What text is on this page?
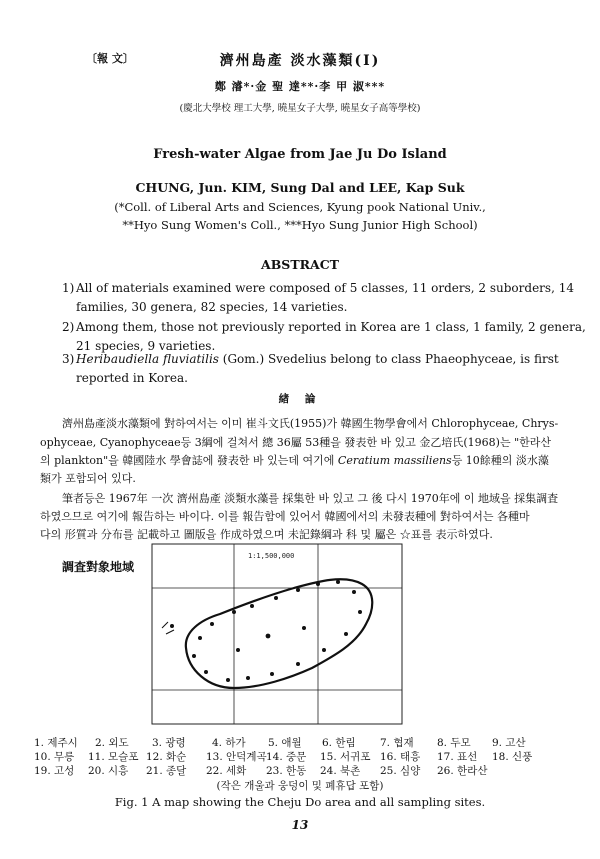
〔報 文〕	濟州島產 淡水藻類(Ⅰ)
鄭 濬*·金 聖 達**·李 甲 淑***
(慶北大學校 理工大學, 曉星女子大學, 曉星女子高等學校)
Fresh-water Algae from Jae Ju Do Island
CHUNG, Jun. KIM, Sung Dal and LEE, Kap Suk
(*Coll. of Liberal Arts and Sciences, Kyung pook National Univ.,
**Hyo Sung Women's Coll., ***Hyo Sung Junior High School)
ABSTRACT
1) All of materials examined were composed of 5 classes, 11 orders, 2 suborders, 14
families, 30 genera, 82 species, 14 varieties.
2) Among them, those not previously reported in Korea are 1 class, 1 family, 2 genera,
21 species, 9 varieties.
3) Heribaudiella fluviatilis (Gom.) Svedelius belong to class Phaeophyceae, is first
reported in Korea.
緖 論
濟州島產淡水藻類에 對하여서는 이미 崔斗文氏(1955)가 韓國生物學會에서 Chlorophyceae, Chrys-
ophyceae, Cyanophyceae등 3綱에 걸쳐서 總 36屬 53種을 發表한 바 있고 金乙培氏(1968)는 "한라산
의 plankton"을 韓國陸水 學會誌에 發表한 바 있는데 여기에 Ceratium massiliens등 10餘種의 淡水藻
類가 포함되어 있다.
筆者등은 1967年 一次 濟州島產 淡類水藻를 採集한 바 있고 그 後 다시 1970年에 이 地域을 採集調査
하였으므로 여기에 報告하는 바이다. 이를 報告함에 있어서 韓國에서의 未發表種에 對하여서는 各種마
다의 形質과 分布를 記載하고 圖版을 作成하였으며 未記錄綱과 科 및 屬은 ☆표를 表示하였다.
調査對象地域
1:1,500,000
1. 제주시 2. 외도 3. 광령	4. 하가 5. 애월 6. 한림 7. 협재 8. 두모 9. 고산
10. 무릉 11. 모슬포 12. 화순 13. 안덕계곡 14. 중문 15. 서귀포 16. 태흥 17. 표선 18. 신풍
19. 고성 20. 시흥 21. 종달 22. 세화 23. 한동 24. 북촌 25. 심양 26. 한라산
(작은 개울과 웅덩이 및 폐휴답 포함)
Fig. 1 A map showing the Cheju Do area and all sampling sites.
13
